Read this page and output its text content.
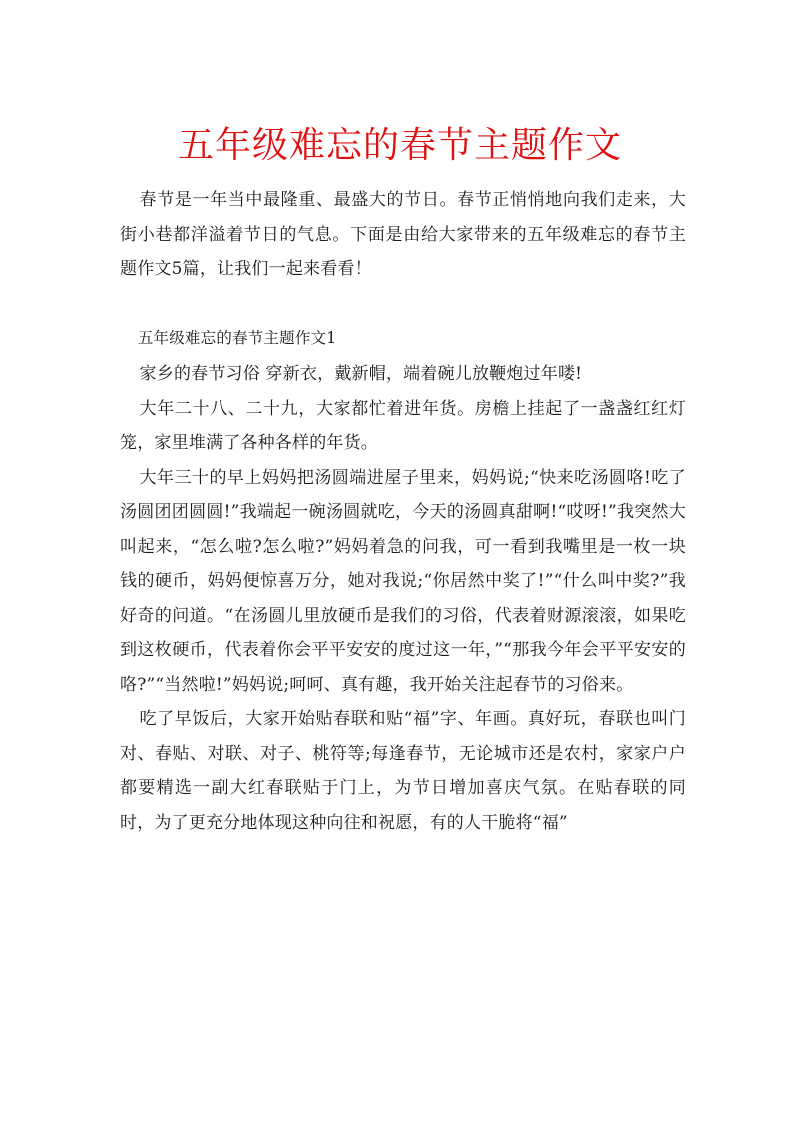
五年级难忘的春节主题作文

春节是一年当中最隆重、最盛大的节日。春节正悄悄地向我们走来，大街小巷都洋溢着节日的气息。下面是由给大家带来的五年级难忘的春节主题作文5篇，让我们一起来看看！

五年级难忘的春节主题作文1

家乡的春节习俗 穿新衣，戴新帽，端着碗儿放鞭炮过年喽!

大年二十八、二十九，大家都忙着进年货。房檐上挂起了一盏盏红红灯笼，家里堆满了各种各样的年货。

大年三十的早上妈妈把汤圆端进屋子里来，妈妈说;“快来吃汤圆咯!吃了汤圆团团圆圆!”我端起一碗汤圆就吃，今天的汤圆真甜啊!“哎呀!”我突然大叫起来，“怎么啦?怎么啦?”妈妈着急的问我，可一看到我嘴里是一枚一块钱的硬币，妈妈便惊喜万分，她对我说;“你居然中奖了!”“什么叫中奖?”我好奇的问道。“在汤圆儿里放硬币是我们的习俗，代表着财源滚滚，如果吃到这枚硬币，代表着你会平平安安的度过这一年，”“那我今年会平平安安的咯?”“当然啦!”妈妈说;呵呵、真有趣，我开始关注起春节的习俗来。

吃了早饭后，大家开始贴春联和贴“福”字、年画。真好玩，春联也叫门对、春贴、对联、对子、桃符等;每逢春节，无论城市还是农村，家家户户都要精选一副大红春联贴于门上，为节日增加喜庆气氛。在贴春联的同时，为了更充分地体现这种向往和祝愿，有的人干脆将“福”
